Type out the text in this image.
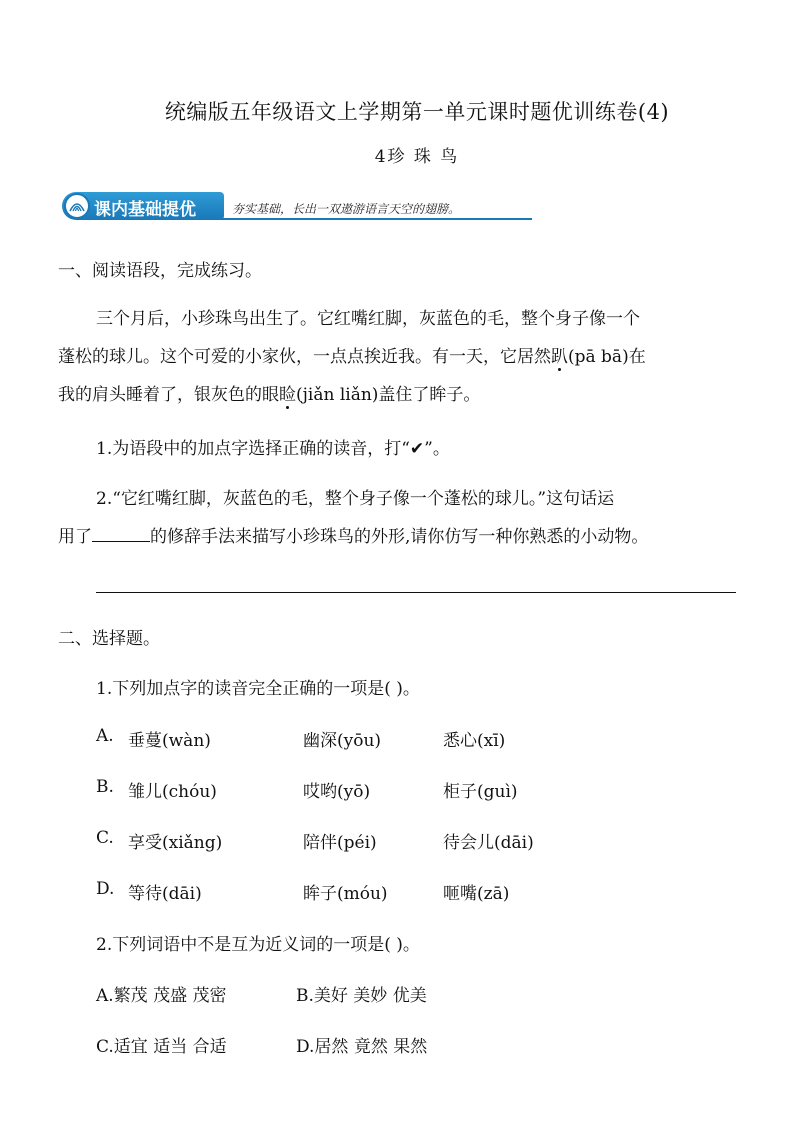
统编版五年级语文上学期第一单元课时题优训练卷(4)
4珍 珠 鸟
课内基础提优	夯实基础，长出一双遨游语言天空的翅膀。
一、阅读语段，完成练习。
三个月后，小珍珠鸟出生了。它红嘴红脚，灰蓝色的毛，整个身子像一个
蓬松的球儿。这个可爱的小家伙，一点点挨近我。有一天，它居然趴(pā bā)在
我的肩头睡着了，银灰色的眼睑(jiǎn liǎn)盖住了眸子。
1.为语段中的加点字选择正确的读音，打“✔”。
2.“它红嘴红脚，灰蓝色的毛，整个身子像一个蓬松的球儿。”这句话运
用了	的修辞手法来描写小珍珠鸟的外形,请你仿写一种你熟悉的小动物。
二、选择题。
1.下列加点字的读音完全正确的一项是( )。
A. 垂蔓(wàn)	幽深(yōu)	悉心(xī)
B. 雏儿(chóu)	哎哟(yō)	柜子(guì)
C. 享受(xiǎng)	陪伴(péi)	待会儿(dāi)
D. 等待(dāi)	眸子(móu)	咂嘴(zā)
2.下列词语中不是互为近义词的一项是( )。
A.繁茂 茂盛 茂密	B.美好 美妙 优美
C.适宜 适当 合适	D.居然 竟然 果然
